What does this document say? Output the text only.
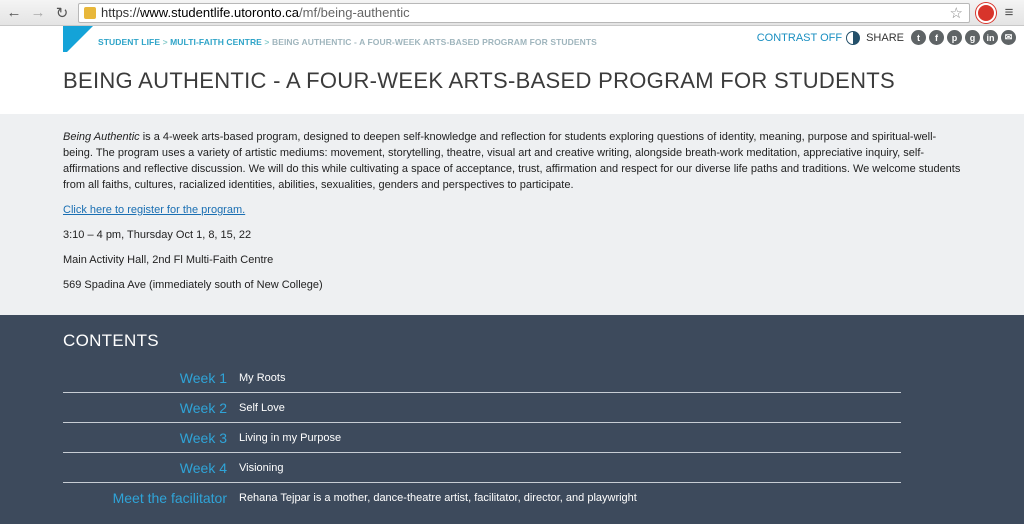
← → ↻	https:// www.studentlife.utoronto.ca /mf/being-authentic	☆	≡
STUDENT LIFE > MULTI-FAITH CENTRE > BEING AUTHENTIC - A FOUR-WEEK ARTS-BASED PROGRAM FOR STUDENTS	CONTRAST OFF SHARE	t	f	p	g	in	✉
BEING AUTHENTIC - A FOUR-WEEK ARTS-BASED PROGRAM FOR STUDENTS

Being Authentic is a 4-week arts-based program, designed to deepen self-knowledge and reflection for students exploring questions of identity, meaning, purpose and spiritual-well-being. The program uses a variety of artistic mediums: movement, storytelling, theatre, visual art and creative writing, alongside breath-work meditation, appreciative inquiry, self-affirmations and reflective discussion. We will do this while cultivating a space of acceptance, trust, affirmation and respect for our diverse life paths and traditions. We welcome students from all faiths, cultures, racialized identities, abilities, sexualities, genders and perspectives to participate.

Click here to register for the program.

3:10 – 4 pm, Thursday Oct 1, 8, 15, 22

Main Activity Hall, 2nd Fl Multi-Faith Centre

569 Spadina Ave (immediately south of New College)

CONTENTS
Week 1 My Roots
Week 2 Self Love
Week 3 Living in my Purpose
Week 4 Visioning
Meet the facilitator Rehana Tejpar is a mother, dance-theatre artist, facilitator, director, and playwright
